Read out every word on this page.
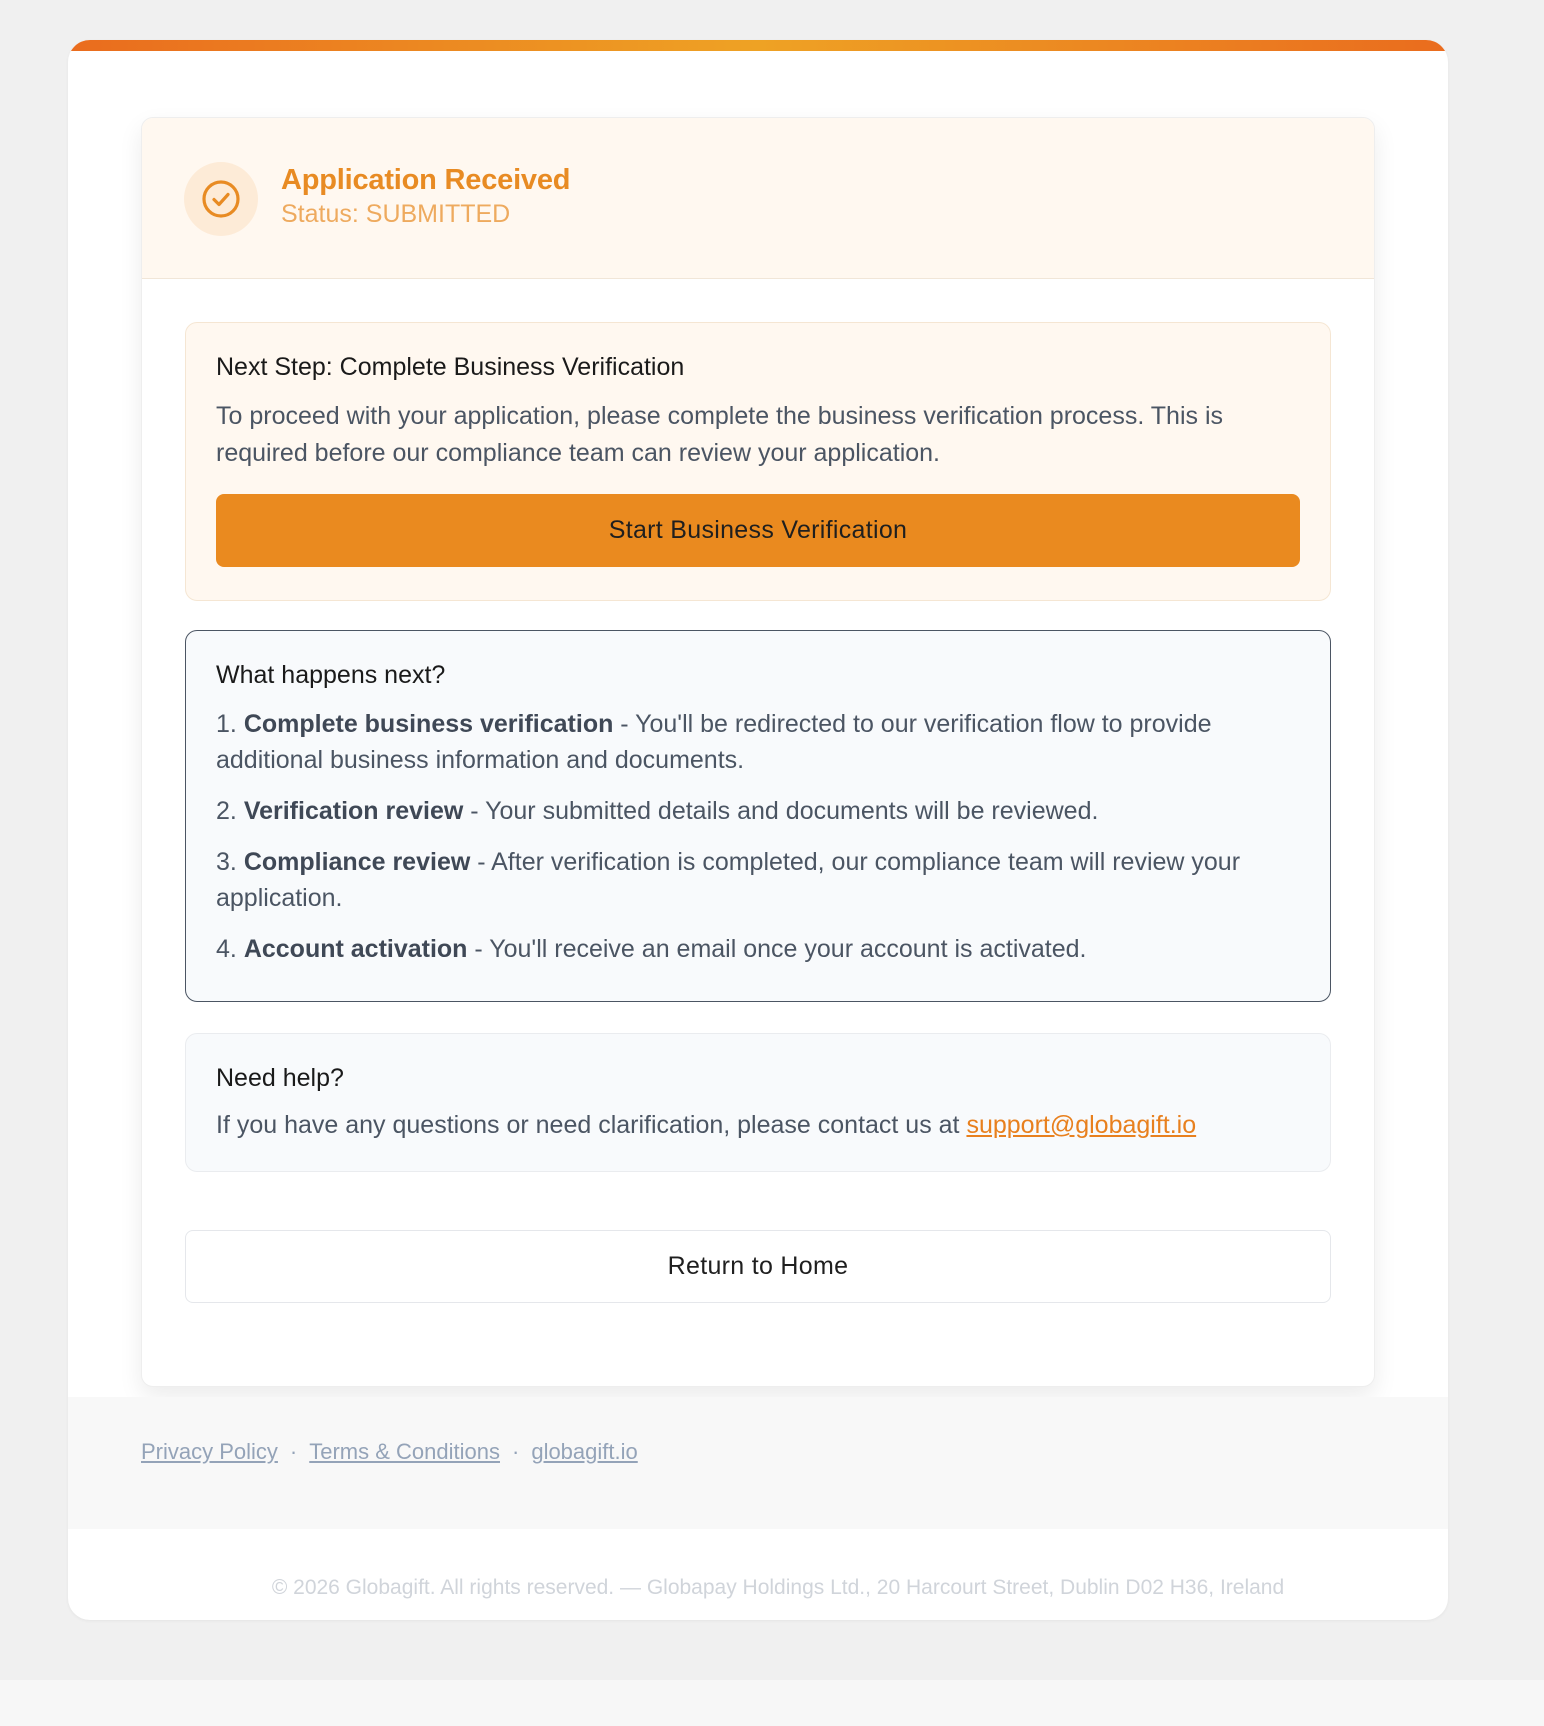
Application Received
Status: SUBMITTED
Next Step: Complete Business Verification
To proceed with your application, please complete the business verification process. This is required before our compliance team can review your application.
Start Business Verification
What happens next?
1. Complete business verification - You'll be redirected to our verification flow to provide additional business information and documents.
2. Verification review - Your submitted details and documents will be reviewed.
3. Compliance review - After verification is completed, our compliance team will review your application.
4. Account activation - You'll receive an email once your account is activated.
Need help?
If you have any questions or need clarification, please contact us at support@globagift.io
Return to Home
Privacy Policy · Terms & Conditions · globagift.io
© 2026 Globagift. All rights reserved. — Globapay Holdings Ltd., 20 Harcourt Street, Dublin D02 H36, Ireland
